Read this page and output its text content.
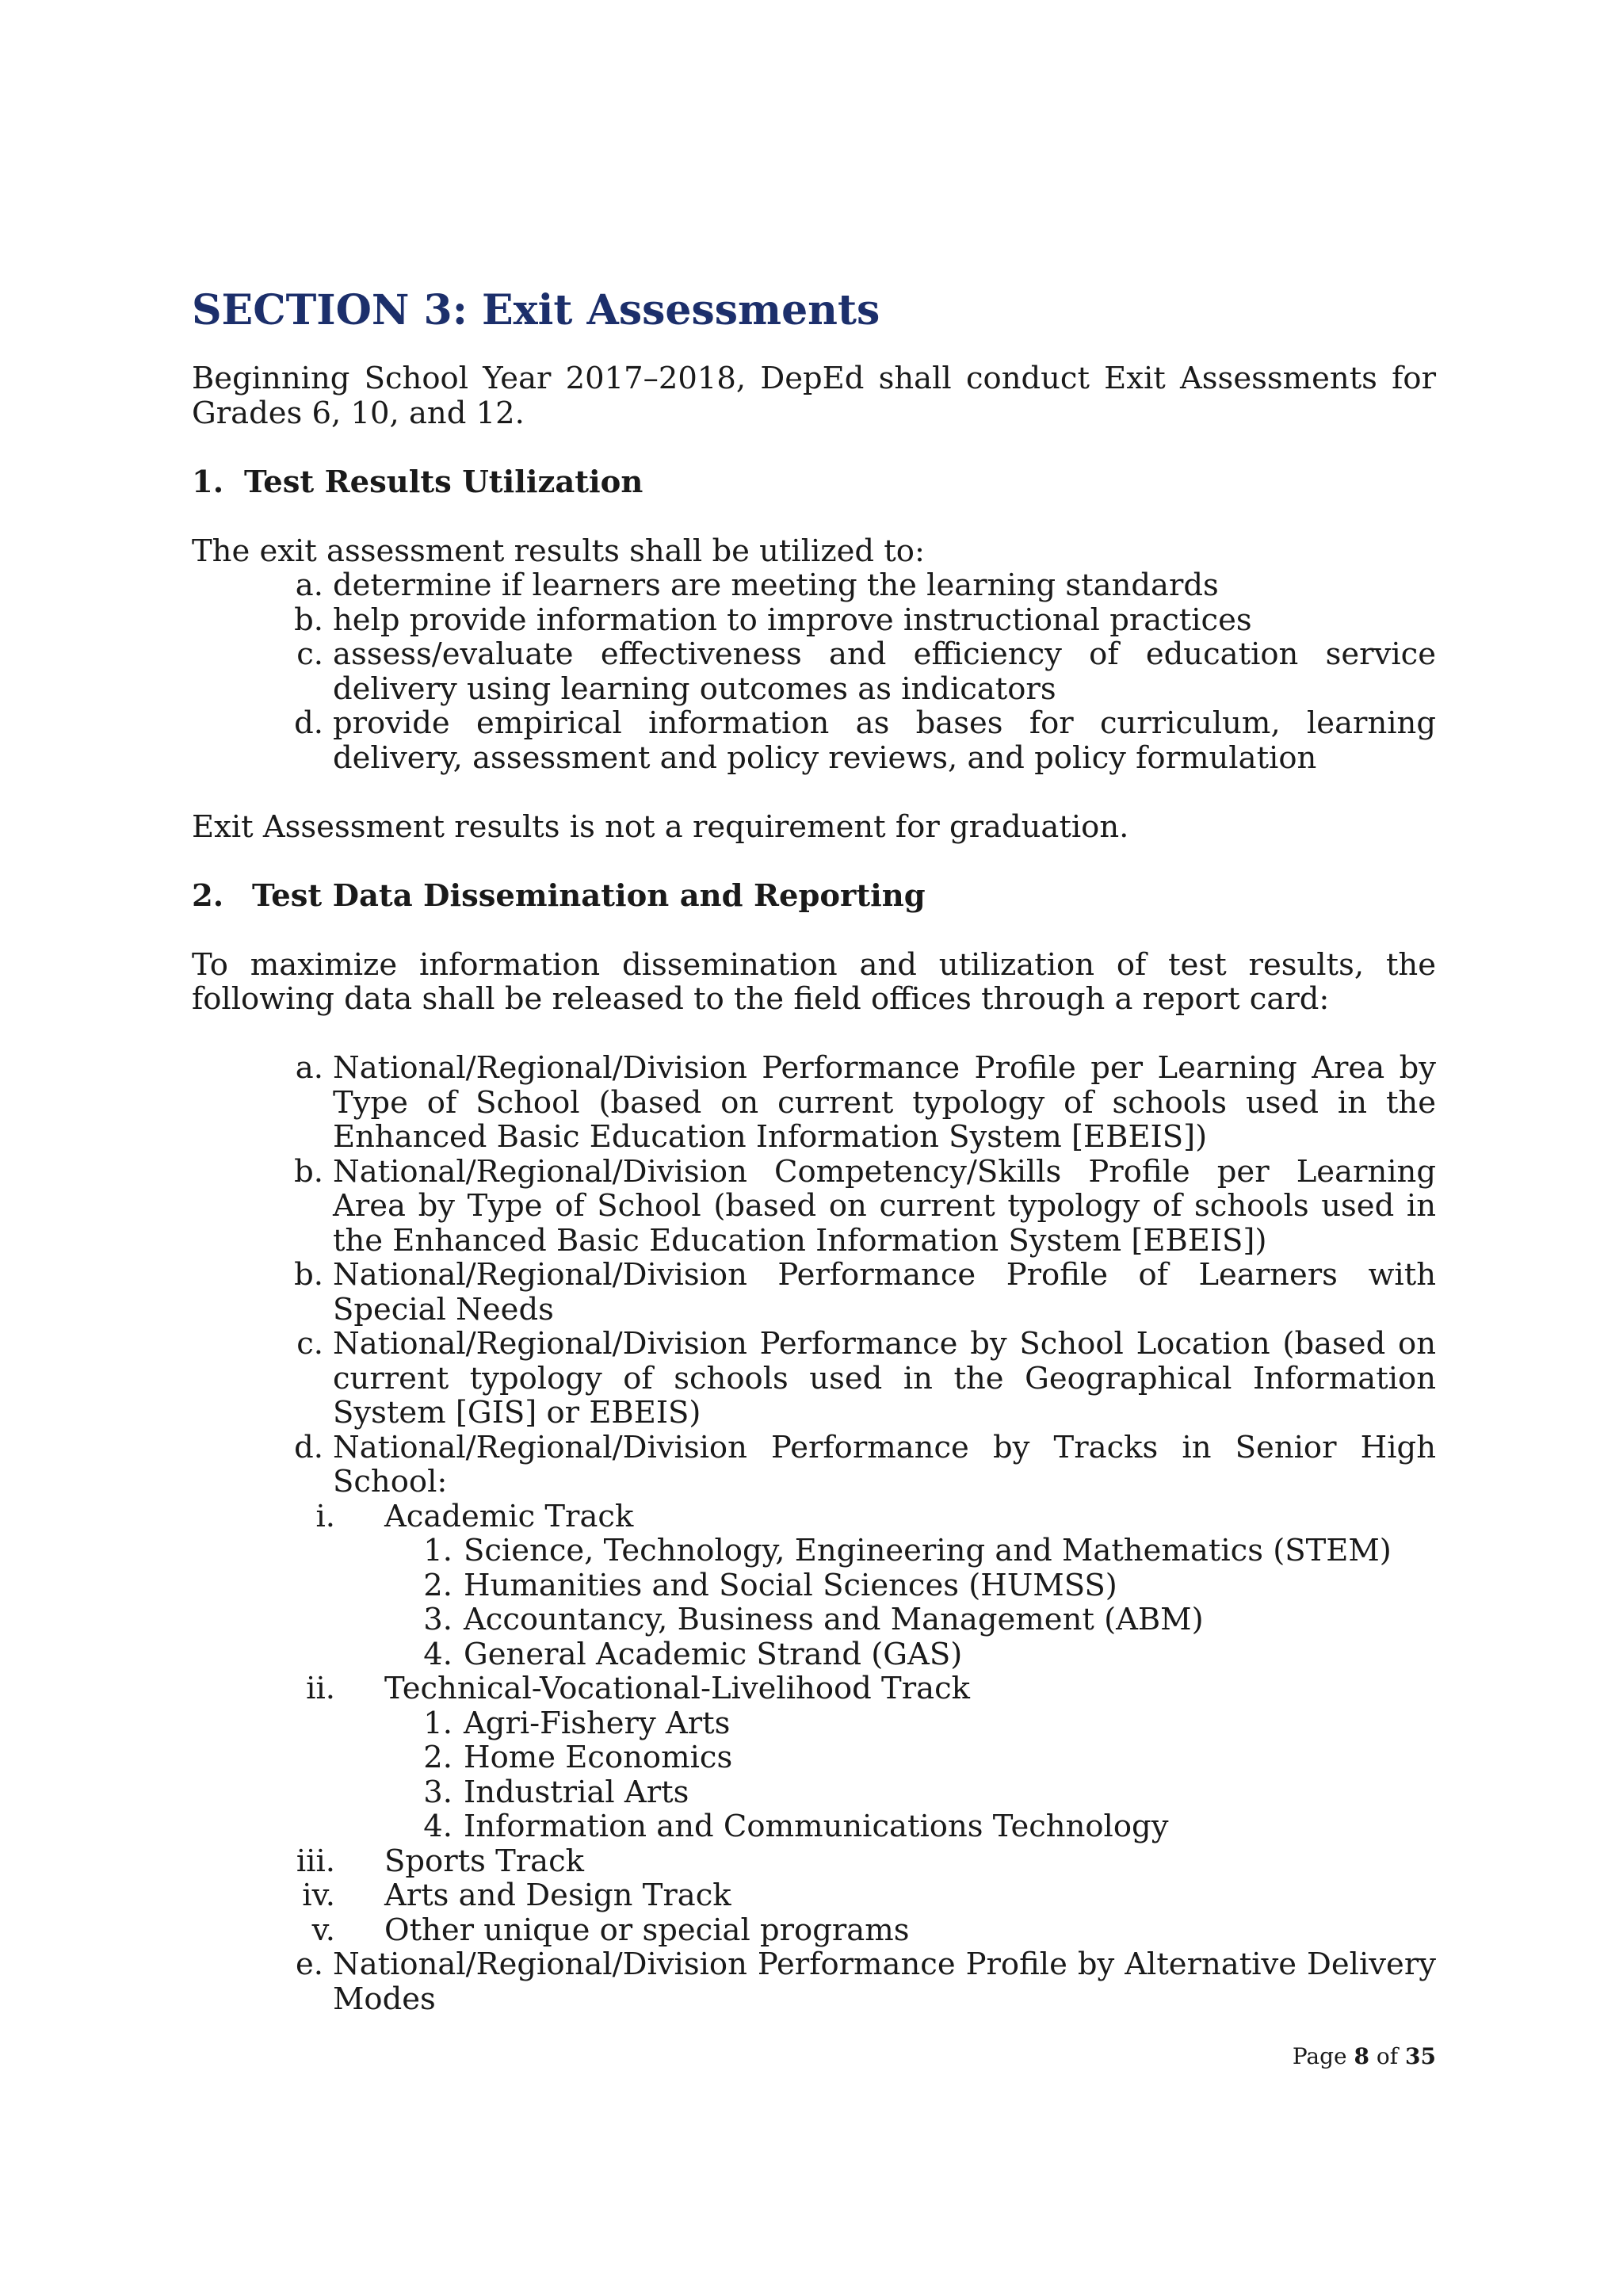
SECTION 3: Exit Assessments

Beginning School Year 2017–2018, DepEd shall conduct Exit Assessments for Grades 6, 10, and 12.

1. Test Results Utilization

The exit assessment results shall be utilized to:

a. determine if learners are meeting the learning standards
b. help provide information to improve instructional practices
c. assess/evaluate effectiveness and efficiency of education service delivery using learning outcomes as indicators
d. provide empirical information as bases for curriculum, learning delivery, assessment and policy reviews, and policy formulation

Exit Assessment results is not a requirement for graduation.

2. Test Data Dissemination and Reporting

To maximize information dissemination and utilization of test results, the following data shall be released to the field offices through a report card:

a. National/Regional/Division Performance Profile per Learning Area by Type of School (based on current typology of schools used in the Enhanced Basic Education Information System [EBEIS])
b. National/Regional/Division Competency/Skills Profile per Learning Area by Type of School (based on current typology of schools used in the Enhanced Basic Education Information System [EBEIS])
b. National/Regional/Division Performance Profile of Learners with Special Needs
c. National/Regional/Division Performance by School Location (based on current typology of schools used in the Geographical Information System [GIS] or EBEIS)
d. National/Regional/Division Performance by Tracks in Senior High School:
i.	Academic Track
1. Science, Technology, Engineering and Mathematics (STEM)
2. Humanities and Social Sciences (HUMSS)
3. Accountancy, Business and Management (ABM)
4. General Academic Strand (GAS)
ii.	Technical-Vocational-Livelihood Track
1. Agri-Fishery Arts
2. Home Economics
3. Industrial Arts
4. Information and Communications Technology
iii.	Sports Track
iv.	Arts and Design Track
v.	Other unique or special programs
e. National/Regional/Division Performance Profile by Alternative Delivery Modes
Page 8 of 35
